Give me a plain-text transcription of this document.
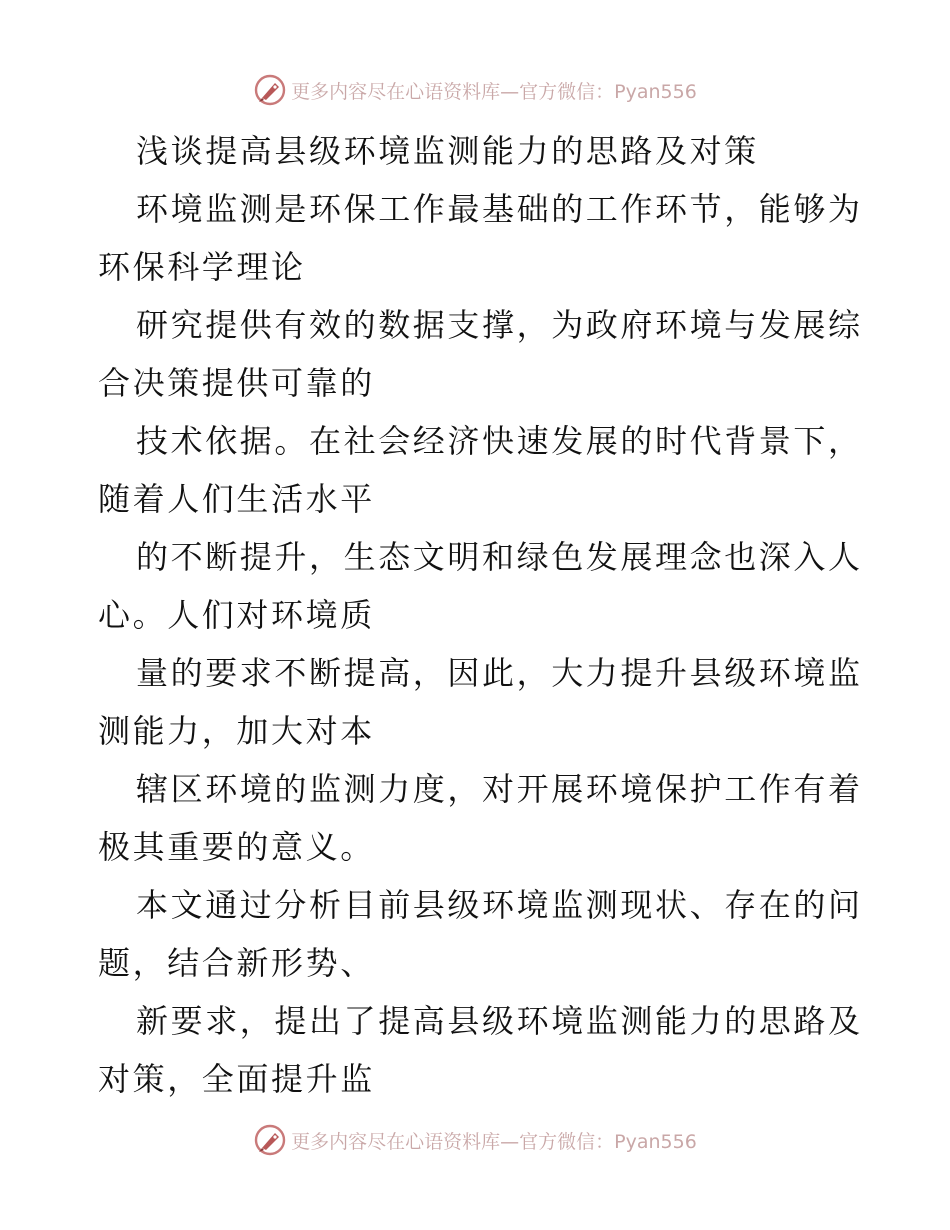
更多内容尽在心语资料库—官方微信：Pyan556
浅谈提高县级环境监测能力的思路及对策
环境监测是环保工作最基础的工作环节，能够为
环保科学理论
研究提供有效的数据支撑，为政府环境与发展综
合决策提供可靠的
技术依据。在社会经济快速发展的时代背景下，
随着人们生活水平
的不断提升，生态文明和绿色发展理念也深入人
心。人们对环境质
量的要求不断提高，因此，大力提升县级环境监
测能力，加大对本
辖区环境的监测力度，对开展环境保护工作有着
极其重要的意义。
本文通过分析目前县级环境监测现状、存在的问
题，结合新形势、
新要求，提出了提高县级环境监测能力的思路及
对策，全面提升监
更多内容尽在心语资料库—官方微信：Pyan556
